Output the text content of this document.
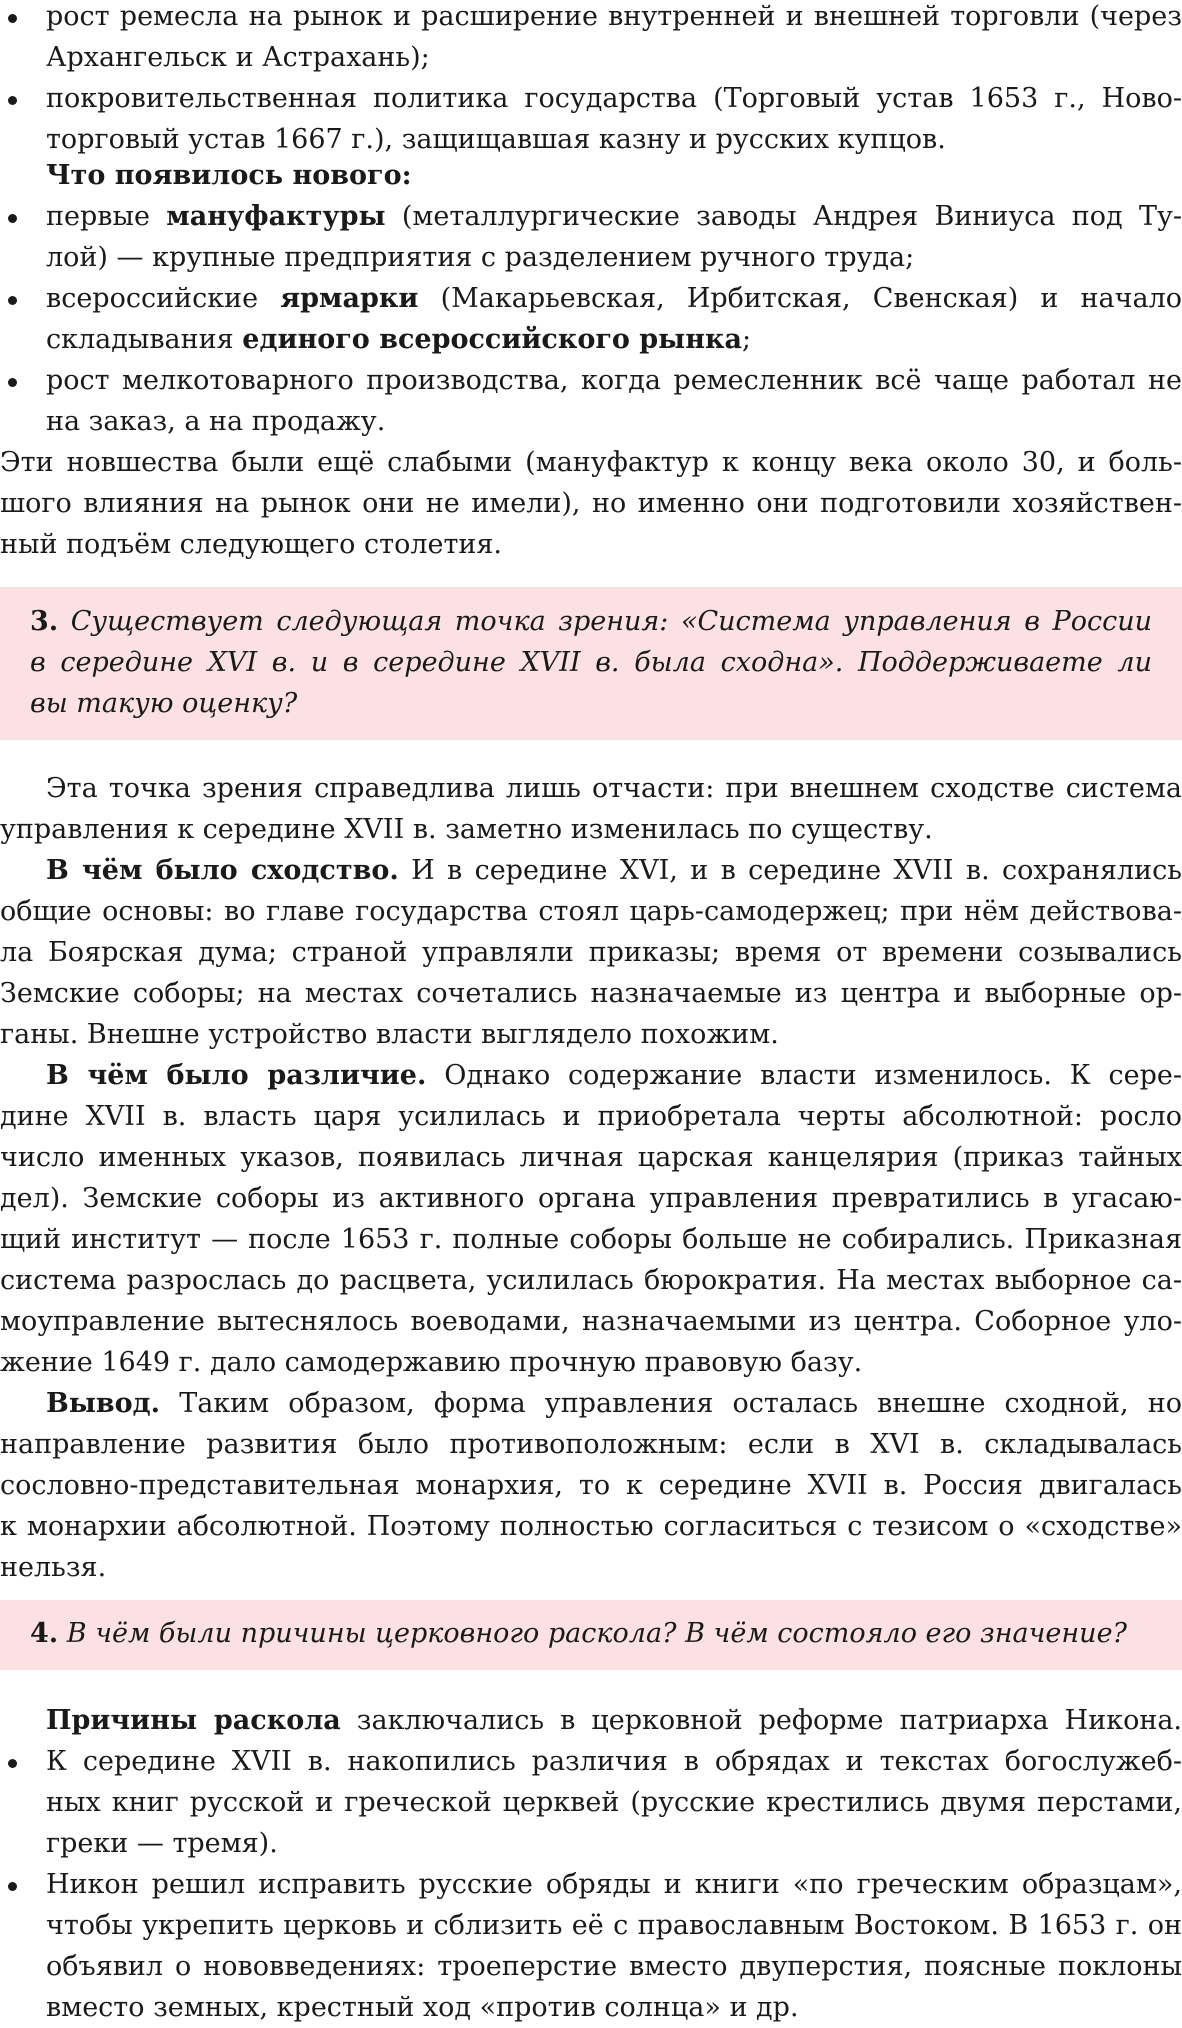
рост ремесла на рынок и расширение внутренней и внешней торговли (через
Архангельск и Астрахань);
покровительственная политика государства (Торговый устав 1653 г., Ново-
торговый устав 1667 г.), защищавшая казну и русских купцов.
Что появилось нового:
первые мануфактуры (металлургические заводы Андрея Виниуса под Ту-
лой) — крупные предприятия с разделением ручного труда;
всероссийские ярмарки (Макарьевская, Ирбитская, Свенская) и начало
складывания единого всероссийского рынка;
рост мелкотоварного производства, когда ремесленник всё чаще работал не
на заказ, а на продажу.
Эти новшества были ещё слабыми (мануфактур к концу века около 30, и боль-
шого влияния на рынок они не имели), но именно они подготовили хозяйствен-
ный подъём следующего столетия.
3. Существует следующая точка зрения: «Система управления в России
в середине XVI в. и в середине XVII в. была сходна». Поддерживаете ли
вы такую оценку?
Эта точка зрения справедлива лишь отчасти: при внешнем сходстве система
управления к середине XVII в. заметно изменилась по существу.
В чём было сходство. И в середине XVI, и в середине XVII в. сохранялись
общие основы: во главе государства стоял царь-самодержец; при нём действова-
ла Боярская дума; страной управляли приказы; время от времени созывались
Земские соборы; на местах сочетались назначаемые из центра и выборные ор-
ганы. Внешне устройство власти выглядело похожим.
В чём было различие. Однако содержание власти изменилось. К сере-
дине XVII в. власть царя усилилась и приобретала черты абсолютной: росло
число именных указов, появилась личная царская канцелярия (приказ тайных
дел). Земские соборы из активного органа управления превратились в угасаю-
щий институт — после 1653 г. полные соборы больше не собирались. Приказная
система разрослась до расцвета, усилилась бюрократия. На местах выборное са-
моуправление вытеснялось воеводами, назначаемыми из центра. Соборное уло-
жение 1649 г. дало самодержавию прочную правовую базу.
Вывод. Таким образом, форма управления осталась внешне сходной, но
направление развития было противоположным: если в XVI в. складывалась
сословно-представительная монархия, то к середине XVII в. Россия двигалась
к монархии абсолютной. Поэтому полностью согласиться с тезисом о «сходстве»
нельзя.
4. В чём были причины церковного раскола? В чём состояло его значение?
Причины раскола заключались в церковной реформе патриарха Никона.
К середине XVII в. накопились различия в обрядах и текстах богослужеб-
ных книг русской и греческой церквей (русские крестились двумя перстами,
греки — тремя).
Никон решил исправить русские обряды и книги «по греческим образцам»,
чтобы укрепить церковь и сблизить её с православным Востоком. В 1653 г. он
объявил о нововведениях: троеперстие вместо двуперстия, поясные поклоны
вместо земных, крестный ход «против солнца» и др.
